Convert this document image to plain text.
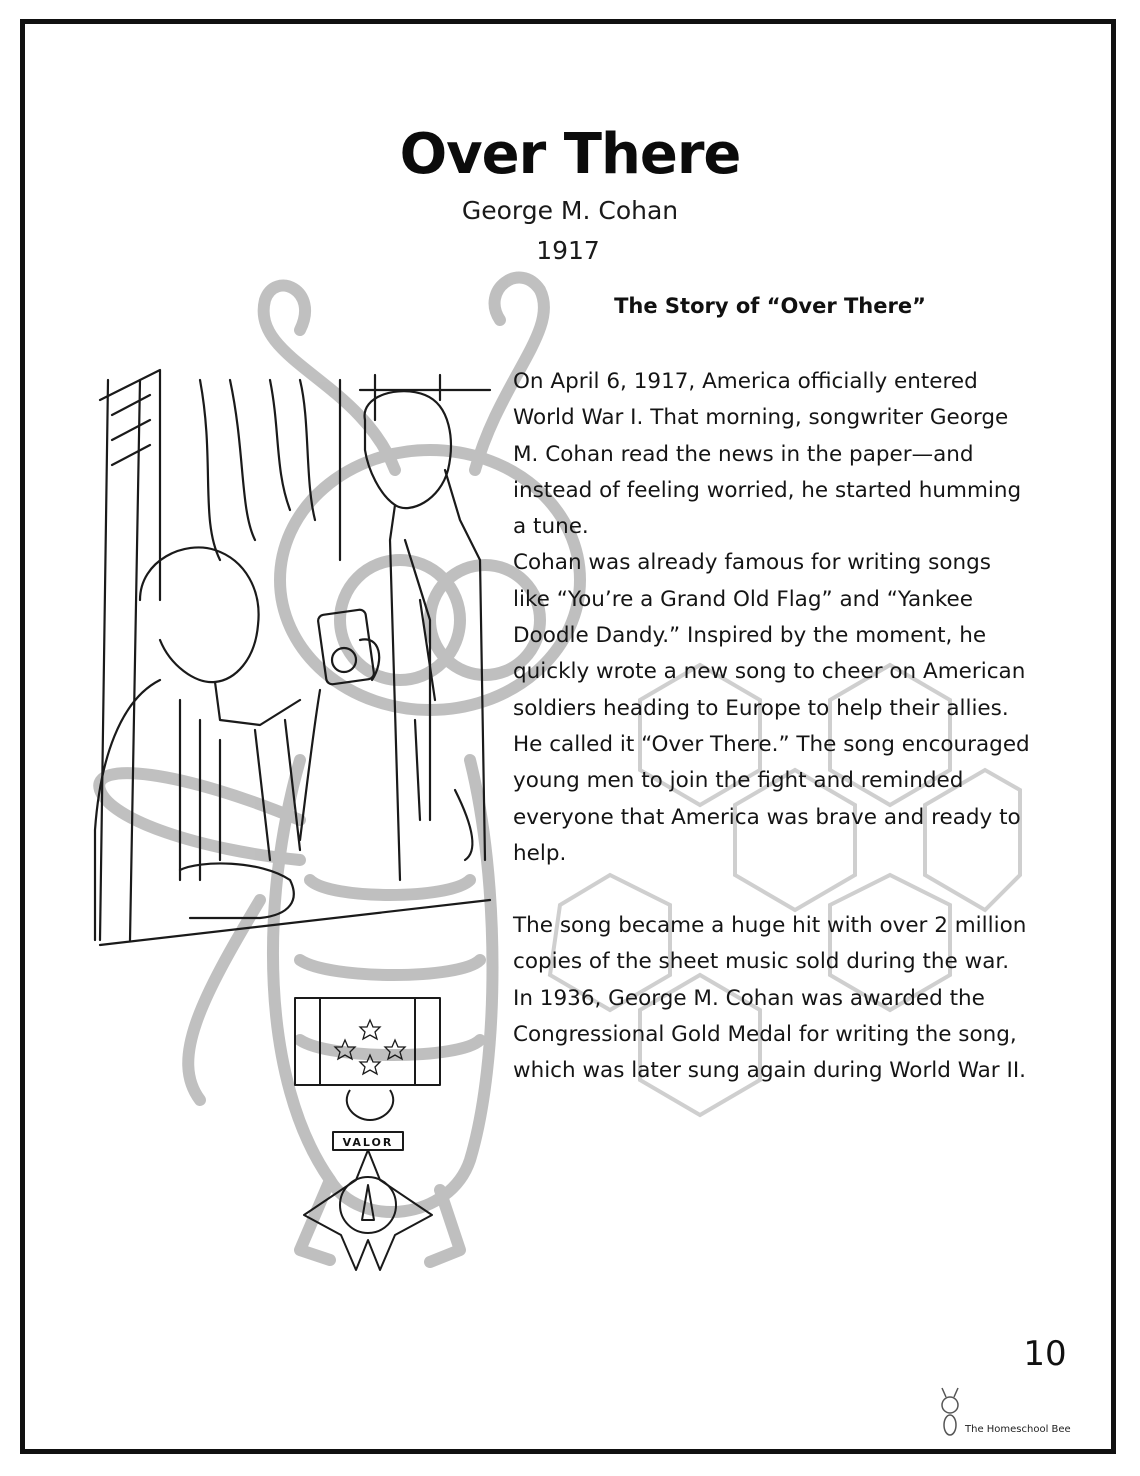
VALOR
Over There
George M. Cohan
1917
The Story of “Over There”

On April 6, 1917, America officially entered

World War I. That morning, songwriter George

M. Cohan read the news in the paper—and

instead of feeling worried, he started humming

a tune.

Cohan was already famous for writing songs

like “You’re a Grand Old Flag” and “Yankee

Doodle Dandy.” Inspired by the moment, he

quickly wrote a new song to cheer on American

soldiers heading to Europe to help their allies.

He called it “Over There.” The song encouraged

young men to join the fight and reminded

everyone that America was brave and ready to

help.

The song became a huge hit with over 2 million

copies of the sheet music sold during the war.

In 1936, George M. Cohan was awarded the

Congressional Gold Medal for writing the song,

which was later sung again during World War II.

10
The Homeschool Bee
